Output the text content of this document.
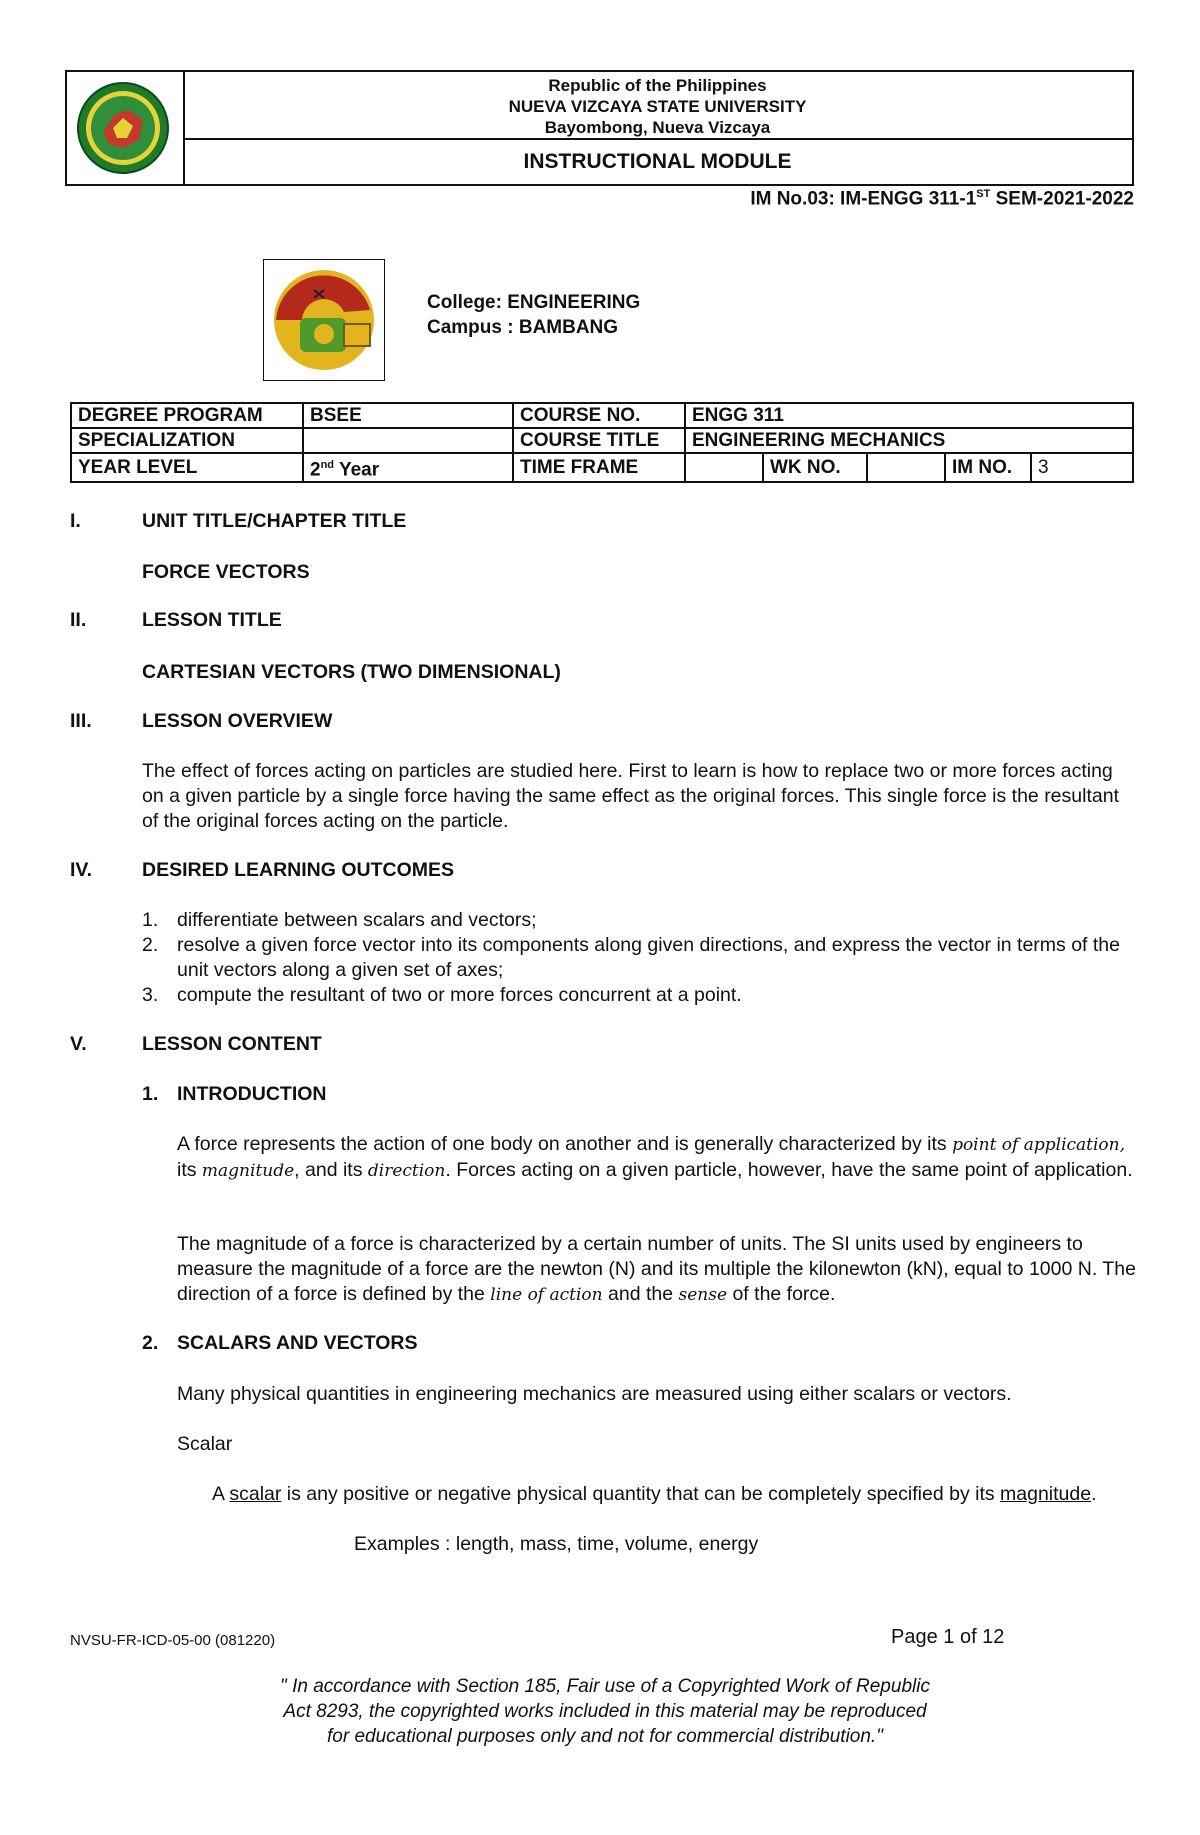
Republic of the Philippines
NUEVA VIZCAYA STATE UNIVERSITY
Bayombong, Nueva Vizcaya
INSTRUCTIONAL MODULE
IM No.03: IM-ENGG 311-1ST SEM-2021-2022
College: ENGINEERING
Campus : BAMBANG
DEGREE PROGRAM	BSEE	COURSE NO.	ENGG 311				
SPECIALIZATION		COURSE TITLE	ENGINEERING MECHANICS				
YEAR LEVEL	2nd Year	TIME FRAME		WK NO.		IM NO.	3
I.	UNIT TITLE/CHAPTER TITLE
FORCE VECTORS
II.	LESSON TITLE
CARTESIAN VECTORS (TWO DIMENSIONAL)
III.	LESSON OVERVIEW
The effect of forces acting on particles are studied here. First to learn is how to replace two or more forces acting on a given particle by a single force having the same effect as the original forces. This single force is the resultant of the original forces acting on the particle.
IV.	DESIRED LEARNING OUTCOMES
1. differentiate between scalars and vectors;
2. resolve a given force vector into its components along given directions, and express the vector in terms of the unit vectors along a given set of axes;
3. compute the resultant of two or more forces concurrent at a point.
V.	LESSON CONTENT
1. INTRODUCTION
A force represents the action of one body on another and is generally characterized by its point of application, its magnitude, and its direction. Forces acting on a given particle, however, have the same point of application.
The magnitude of a force is characterized by a certain number of units. The SI units used by engineers to measure the magnitude of a force are the newton (N) and its multiple the kilonewton (kN), equal to 1000 N. The direction of a force is defined by the line of action and the sense of the force.
2. SCALARS AND VECTORS
Many physical quantities in engineering mechanics are measured using either scalars or vectors.
Scalar
A scalar is any positive or negative physical quantity that can be completely specified by its magnitude.
Examples : length, mass, time, volume, energy
NVSU-FR-ICD-05-00 (081220)	Page 1 of 12
" In accordance with Section 185, Fair use of a Copyrighted Work of Republic
Act 8293, the copyrighted works included in this material may be reproduced
for educational purposes only and not for commercial distribution."
